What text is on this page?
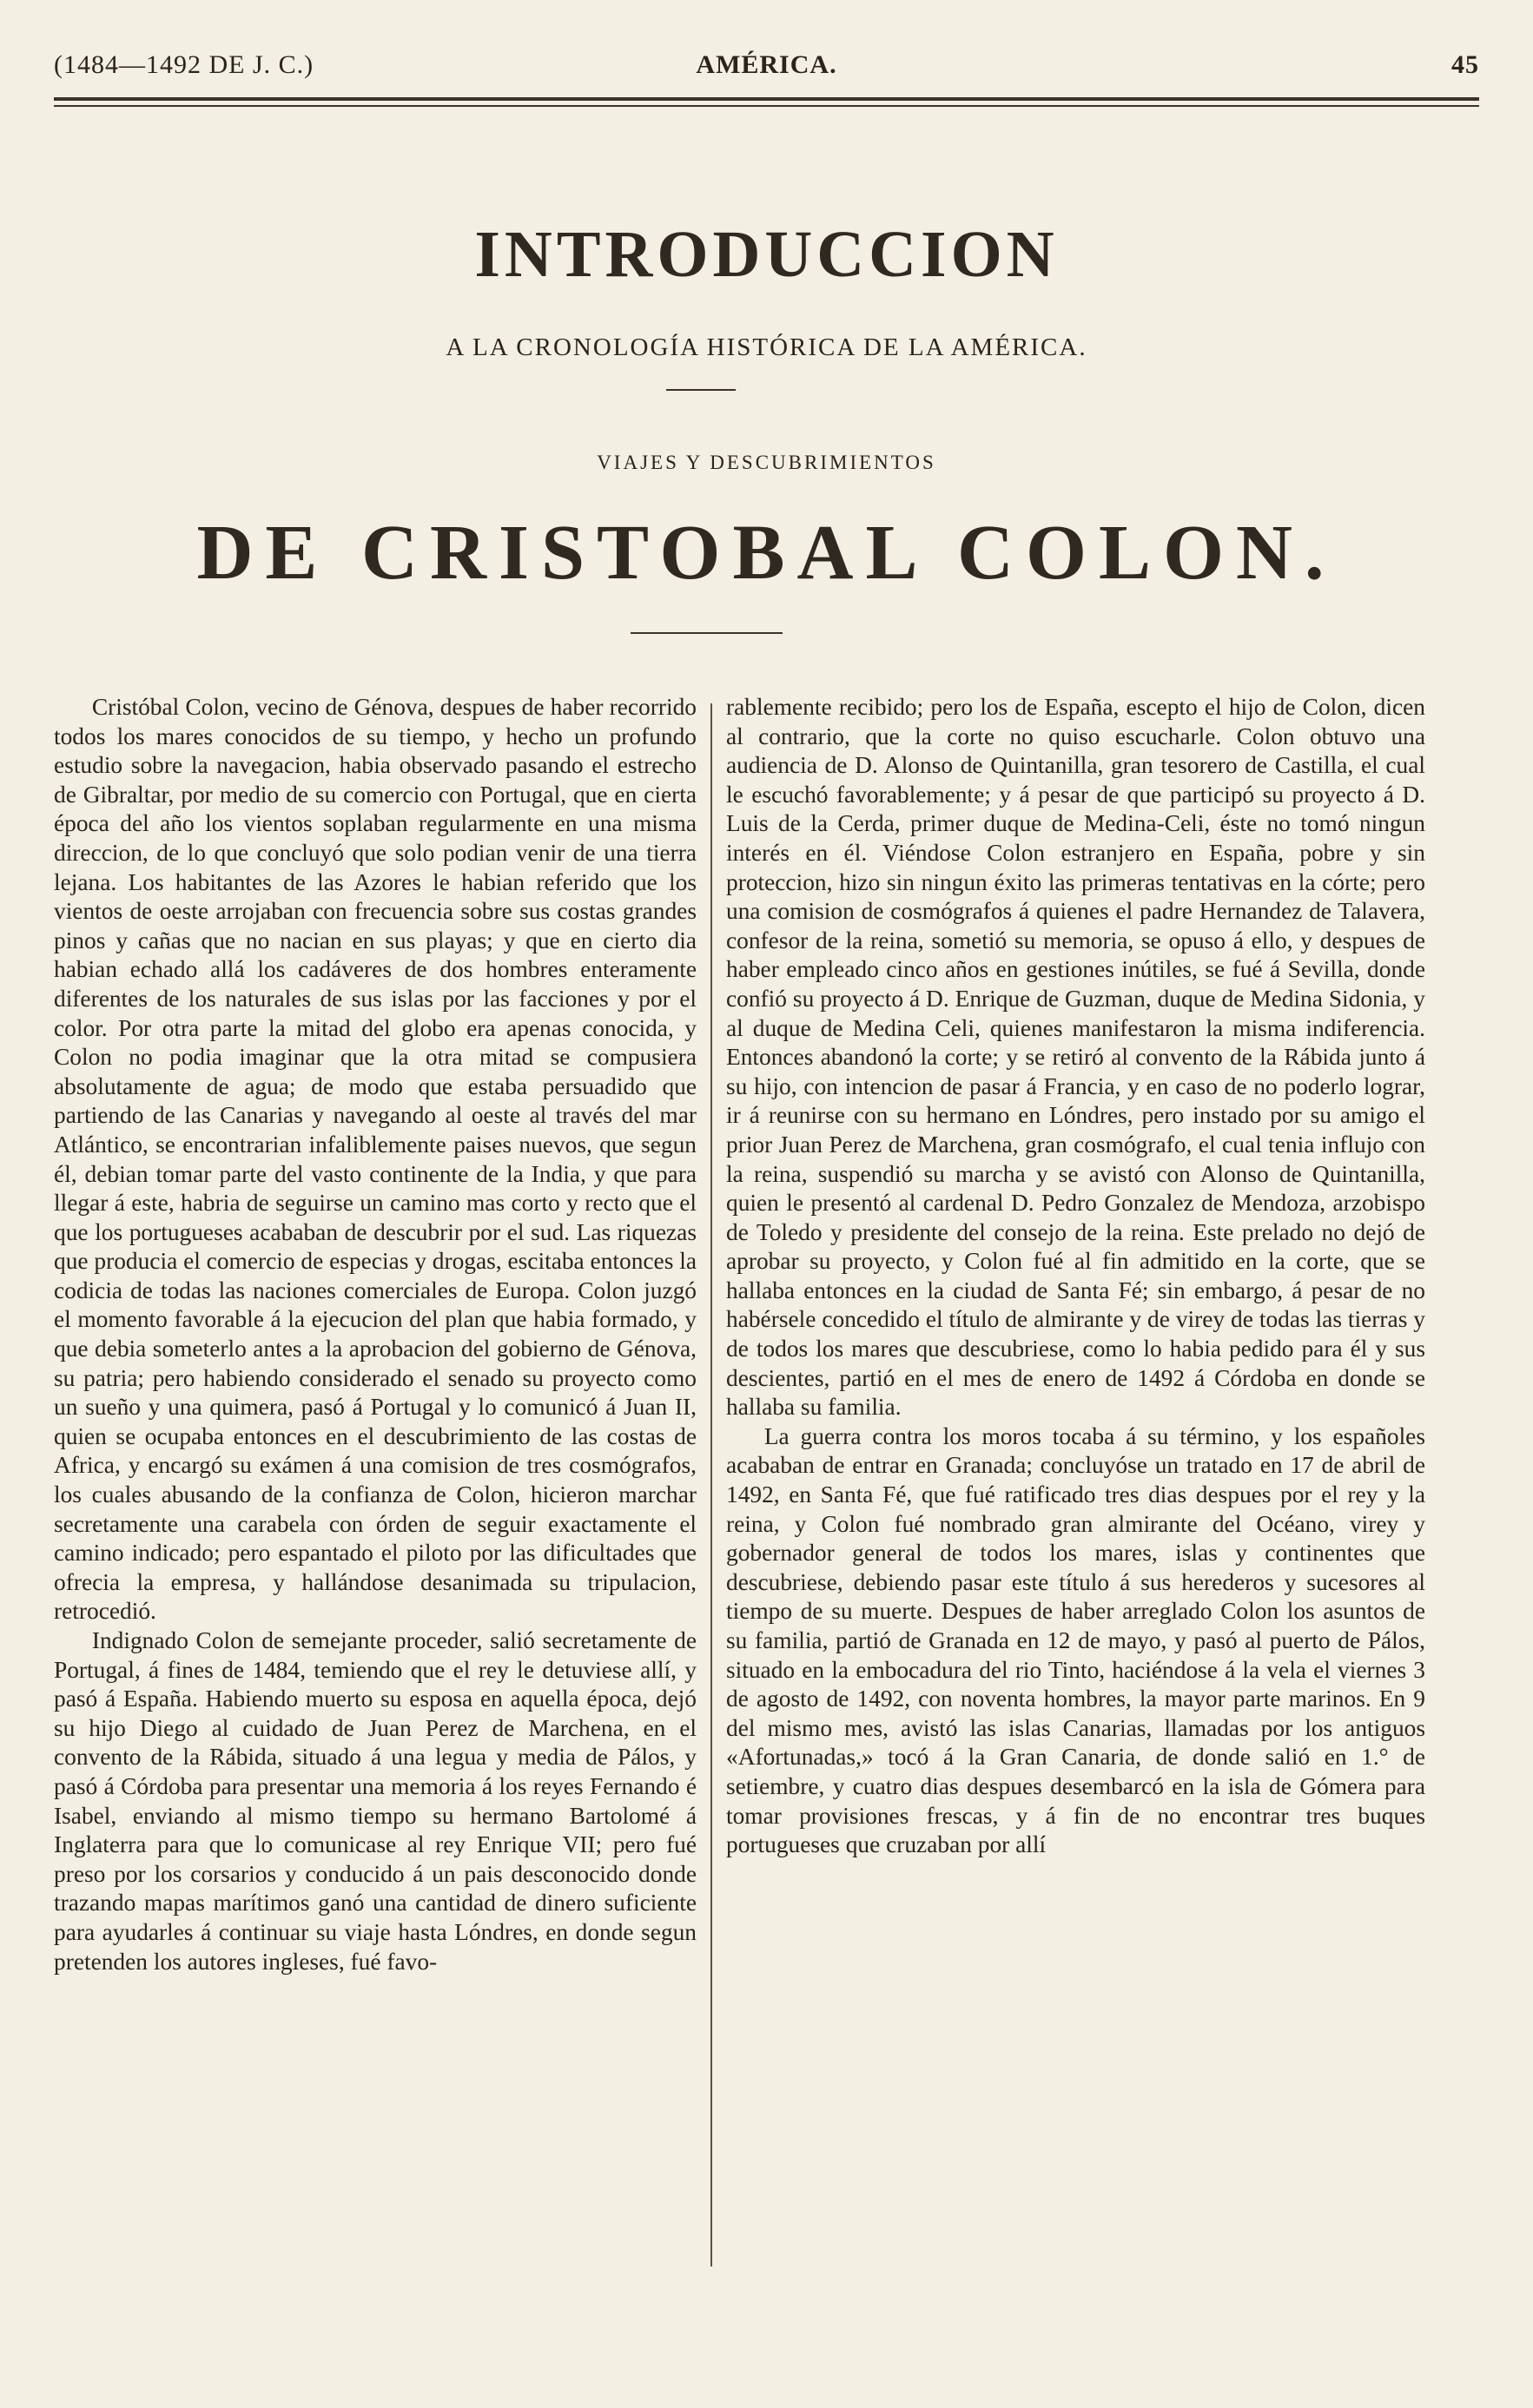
(1484—1492 DE J. C.)	AMÉRICA.	45
INTRODUCCION
A LA CRONOLOGÍA HISTÓRICA DE LA AMÉRICA.
VIAJES Y DESCUBRIMIENTOS
DE CRISTOBAL COLON.

Cristóbal Colon, vecino de Génova, despues de haber recorrido todos los mares conocidos de su tiempo, y hecho un profundo estudio sobre la navegacion, habia observado pasando el estrecho de Gibraltar, por medio de su comercio con Portugal, que en cierta época del año los vientos soplaban regularmente en una misma direccion, de lo que concluyó que solo podian venir de una tierra lejana. Los habitantes de las Azores le habian referido que los vientos de oeste arrojaban con frecuencia sobre sus costas grandes pinos y cañas que no nacian en sus playas; y que en cierto dia habian echado allá los cadáveres de dos hombres enteramente diferentes de los naturales de sus islas por las facciones y por el color. Por otra parte la mitad del globo era apenas conocida, y Colon no podia imaginar que la otra mitad se compusiera absolutamente de agua; de modo que estaba persuadido que partiendo de las Canarias y navegando al oeste al través del mar Atlántico, se encontrarian infaliblemente paises nuevos, que segun él, debian tomar parte del vasto continente de la India, y que para llegar á este, habria de seguirse un camino mas corto y recto que el que los portugueses acababan de descubrir por el sud. Las riquezas que producia el comercio de especias y drogas, escitaba entonces la codicia de todas las naciones comerciales de Europa. Colon juzgó el momento favorable á la ejecucion del plan que habia formado, y que debia someterlo antes a la aprobacion del gobierno de Génova, su patria; pero habiendo considerado el senado su proyecto como un sueño y una quimera, pasó á Portugal y lo comunicó á Juan II, quien se ocupaba entonces en el descubrimiento de las costas de Africa, y encargó su exámen á una comision de tres cosmógrafos, los cuales abusando de la confianza de Colon, hicieron marchar secretamente una carabela con órden de seguir exactamente el camino indicado; pero espantado el piloto por las dificultades que ofrecia la empresa, y hallándose desanimada su tripulacion, retrocedió.

Indignado Colon de semejante proceder, salió secretamente de Portugal, á fines de 1484, temiendo que el rey le detuviese allí, y pasó á España. Habiendo muerto su esposa en aquella época, dejó su hijo Diego al cuidado de Juan Perez de Marchena, en el convento de la Rábida, situado á una legua y media de Pálos, y pasó á Córdoba para presentar una memoria á los reyes Fernando é Isabel, enviando al mismo tiempo su hermano Bartolomé á Inglaterra para que lo comunicase al rey Enrique VII; pero fué preso por los corsarios y conducido á un pais desconocido donde trazando mapas marítimos ganó una cantidad de dinero suficiente para ayudarles á continuar su viaje hasta Lóndres, en donde segun pretenden los autores ingleses, fué favo-

rablemente recibido; pero los de España, escepto el hijo de Colon, dicen al contrario, que la corte no quiso escucharle. Colon obtuvo una audiencia de D. Alonso de Quintanilla, gran tesorero de Castilla, el cual le escuchó favorablemente; y á pesar de que participó su proyecto á D. Luis de la Cerda, primer duque de Medina-Celi, éste no tomó ningun interés en él. Viéndose Colon estranjero en España, pobre y sin proteccion, hizo sin ningun éxito las primeras tentativas en la córte; pero una comision de cosmógrafos á quienes el padre Hernandez de Talavera, confesor de la reina, sometió su memoria, se opuso á ello, y despues de haber empleado cinco años en gestiones inútiles, se fué á Sevilla, donde confió su proyecto á D. Enrique de Guzman, duque de Medina Sidonia, y al duque de Medina Celi, quienes manifestaron la misma indiferencia. Entonces abandonó la corte; y se retiró al convento de la Rábida junto á su hijo, con intencion de pasar á Francia, y en caso de no poderlo lograr, ir á reunirse con su hermano en Lóndres, pero instado por su amigo el prior Juan Perez de Marchena, gran cosmógrafo, el cual tenia influjo con la reina, suspendió su marcha y se avistó con Alonso de Quintanilla, quien le presentó al cardenal D. Pedro Gonzalez de Mendoza, arzobispo de Toledo y presidente del consejo de la reina. Este prelado no dejó de aprobar su proyecto, y Colon fué al fin admitido en la corte, que se hallaba entonces en la ciudad de Santa Fé; sin embargo, á pesar de no habérsele concedido el título de almirante y de virey de todas las tierras y de todos los mares que descubriese, como lo habia pedido para él y sus descientes, partió en el mes de enero de 1492 á Córdoba en donde se hallaba su familia.

La guerra contra los moros tocaba á su término, y los españoles acababan de entrar en Granada; concluyóse un tratado en 17 de abril de 1492, en Santa Fé, que fué ratificado tres dias despues por el rey y la reina, y Colon fué nombrado gran almirante del Océano, virey y gobernador general de todos los mares, islas y continentes que descubriese, debiendo pasar este título á sus herederos y sucesores al tiempo de su muerte. Despues de haber arreglado Colon los asuntos de su familia, partió de Granada en 12 de mayo, y pasó al puerto de Pálos, situado en la embocadura del rio Tinto, haciéndose á la vela el viernes 3 de agosto de 1492, con noventa hombres, la mayor parte marinos. En 9 del mismo mes, avistó las islas Canarias, llamadas por los antiguos «Afortunadas,» tocó á la Gran Canaria, de donde salió en 1.° de setiembre, y cuatro dias despues desembarcó en la isla de Gómera para tomar provisiones frescas, y á fin de no encontrar tres buques portugueses que cruzaban por allí
